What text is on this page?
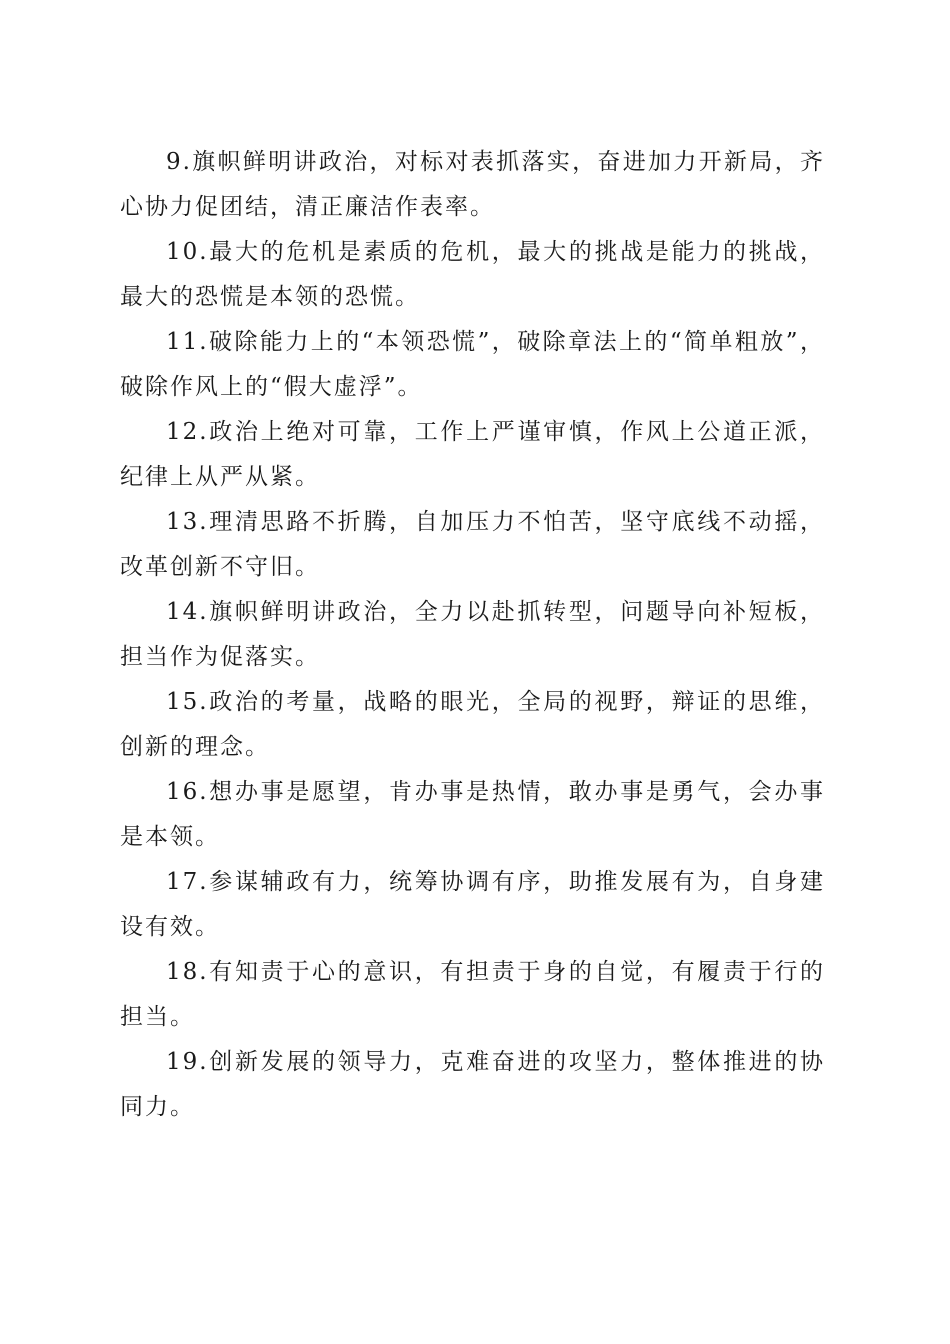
9.旗帜鲜明讲政治，对标对表抓落实，奋进加力开新局，齐心协力促团结，清正廉洁作表率。

10.最大的危机是素质的危机，最大的挑战是能力的挑战，最大的恐慌是本领的恐慌。

11.破除能力上的“本领恐慌”，破除章法上的“简单粗放”，破除作风上的“假大虚浮”。

12.政治上绝对可靠，工作上严谨审慎，作风上公道正派，纪律上从严从紧。

13.理清思路不折腾，自加压力不怕苦，坚守底线不动摇，改革创新不守旧。

14.旗帜鲜明讲政治，全力以赴抓转型，问题导向补短板，担当作为促落实。

15.政治的考量，战略的眼光，全局的视野，辩证的思维，创新的理念。

16.想办事是愿望，肯办事是热情，敢办事是勇气，会办事是本领。

17.参谋辅政有力，统筹协调有序，助推发展有为，自身建设有效。

18.有知责于心的意识，有担责于身的自觉，有履责于行的担当。

19.创新发展的领导力，克难奋进的攻坚力，整体推进的协同力。
